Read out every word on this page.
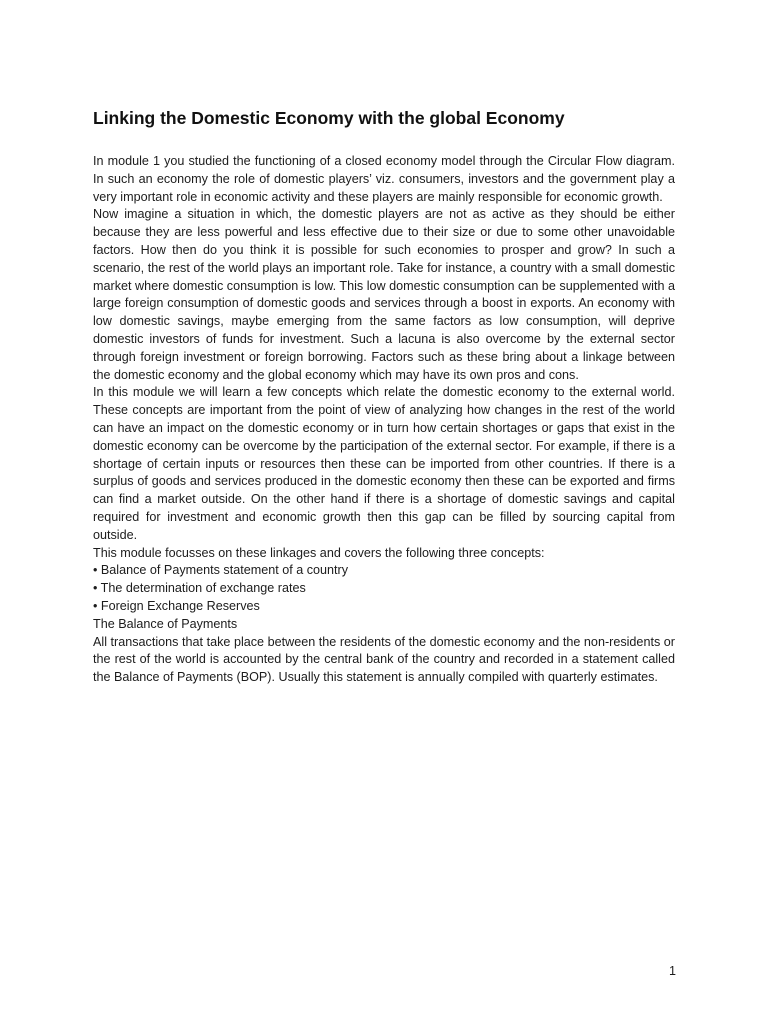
Linking the Domestic Economy with the global Economy

In module 1 you studied the functioning of a closed economy model through the Circular Flow diagram. In such an economy the role of domestic players’ viz. consumers, investors and the government play a very important role in economic activity and these players are mainly responsible for economic growth.

Now imagine a situation in which, the domestic players are not as active as they should be either because they are less powerful and less effective due to their size or due to some other unavoidable factors. How then do you think it is possible for such economies to prosper and grow? In such a scenario, the rest of the world plays an important role. Take for instance, a country with a small domestic market where domestic consumption is low. This low domestic consumption can be supplemented with a large foreign consumption of domestic goods and services through a boost in exports. An economy with low domestic savings, maybe emerging from the same factors as low consumption, will deprive domestic investors of funds for investment. Such a lacuna is also overcome by the external sector through foreign investment or foreign borrowing. Factors such as these bring about a linkage between the domestic economy and the global economy which may have its own pros and cons.

In this module we will learn a few concepts which relate the domestic economy to the external world. These concepts are important from the point of view of analyzing how changes in the rest of the world can have an impact on the domestic economy or in turn how certain shortages or gaps that exist in the domestic economy can be overcome by the participation of the external sector. For example, if there is a shortage of certain inputs or resources then these can be imported from other countries. If there is a surplus of goods and services produced in the domestic economy then these can be exported and firms can find a market outside. On the other hand if there is a shortage of domestic savings and capital required for investment and economic growth then this gap can be filled by sourcing capital from outside.

This module focusses on these linkages and covers the following three concepts:

• Balance of Payments statement of a country

• The determination of exchange rates

• Foreign Exchange Reserves

The Balance of Payments

All transactions that take place between the residents of the domestic economy and the non-residents or the rest of the world is accounted by the central bank of the country and recorded in a statement called the Balance of Payments (BOP). Usually this statement is annually compiled with quarterly estimates.

1
